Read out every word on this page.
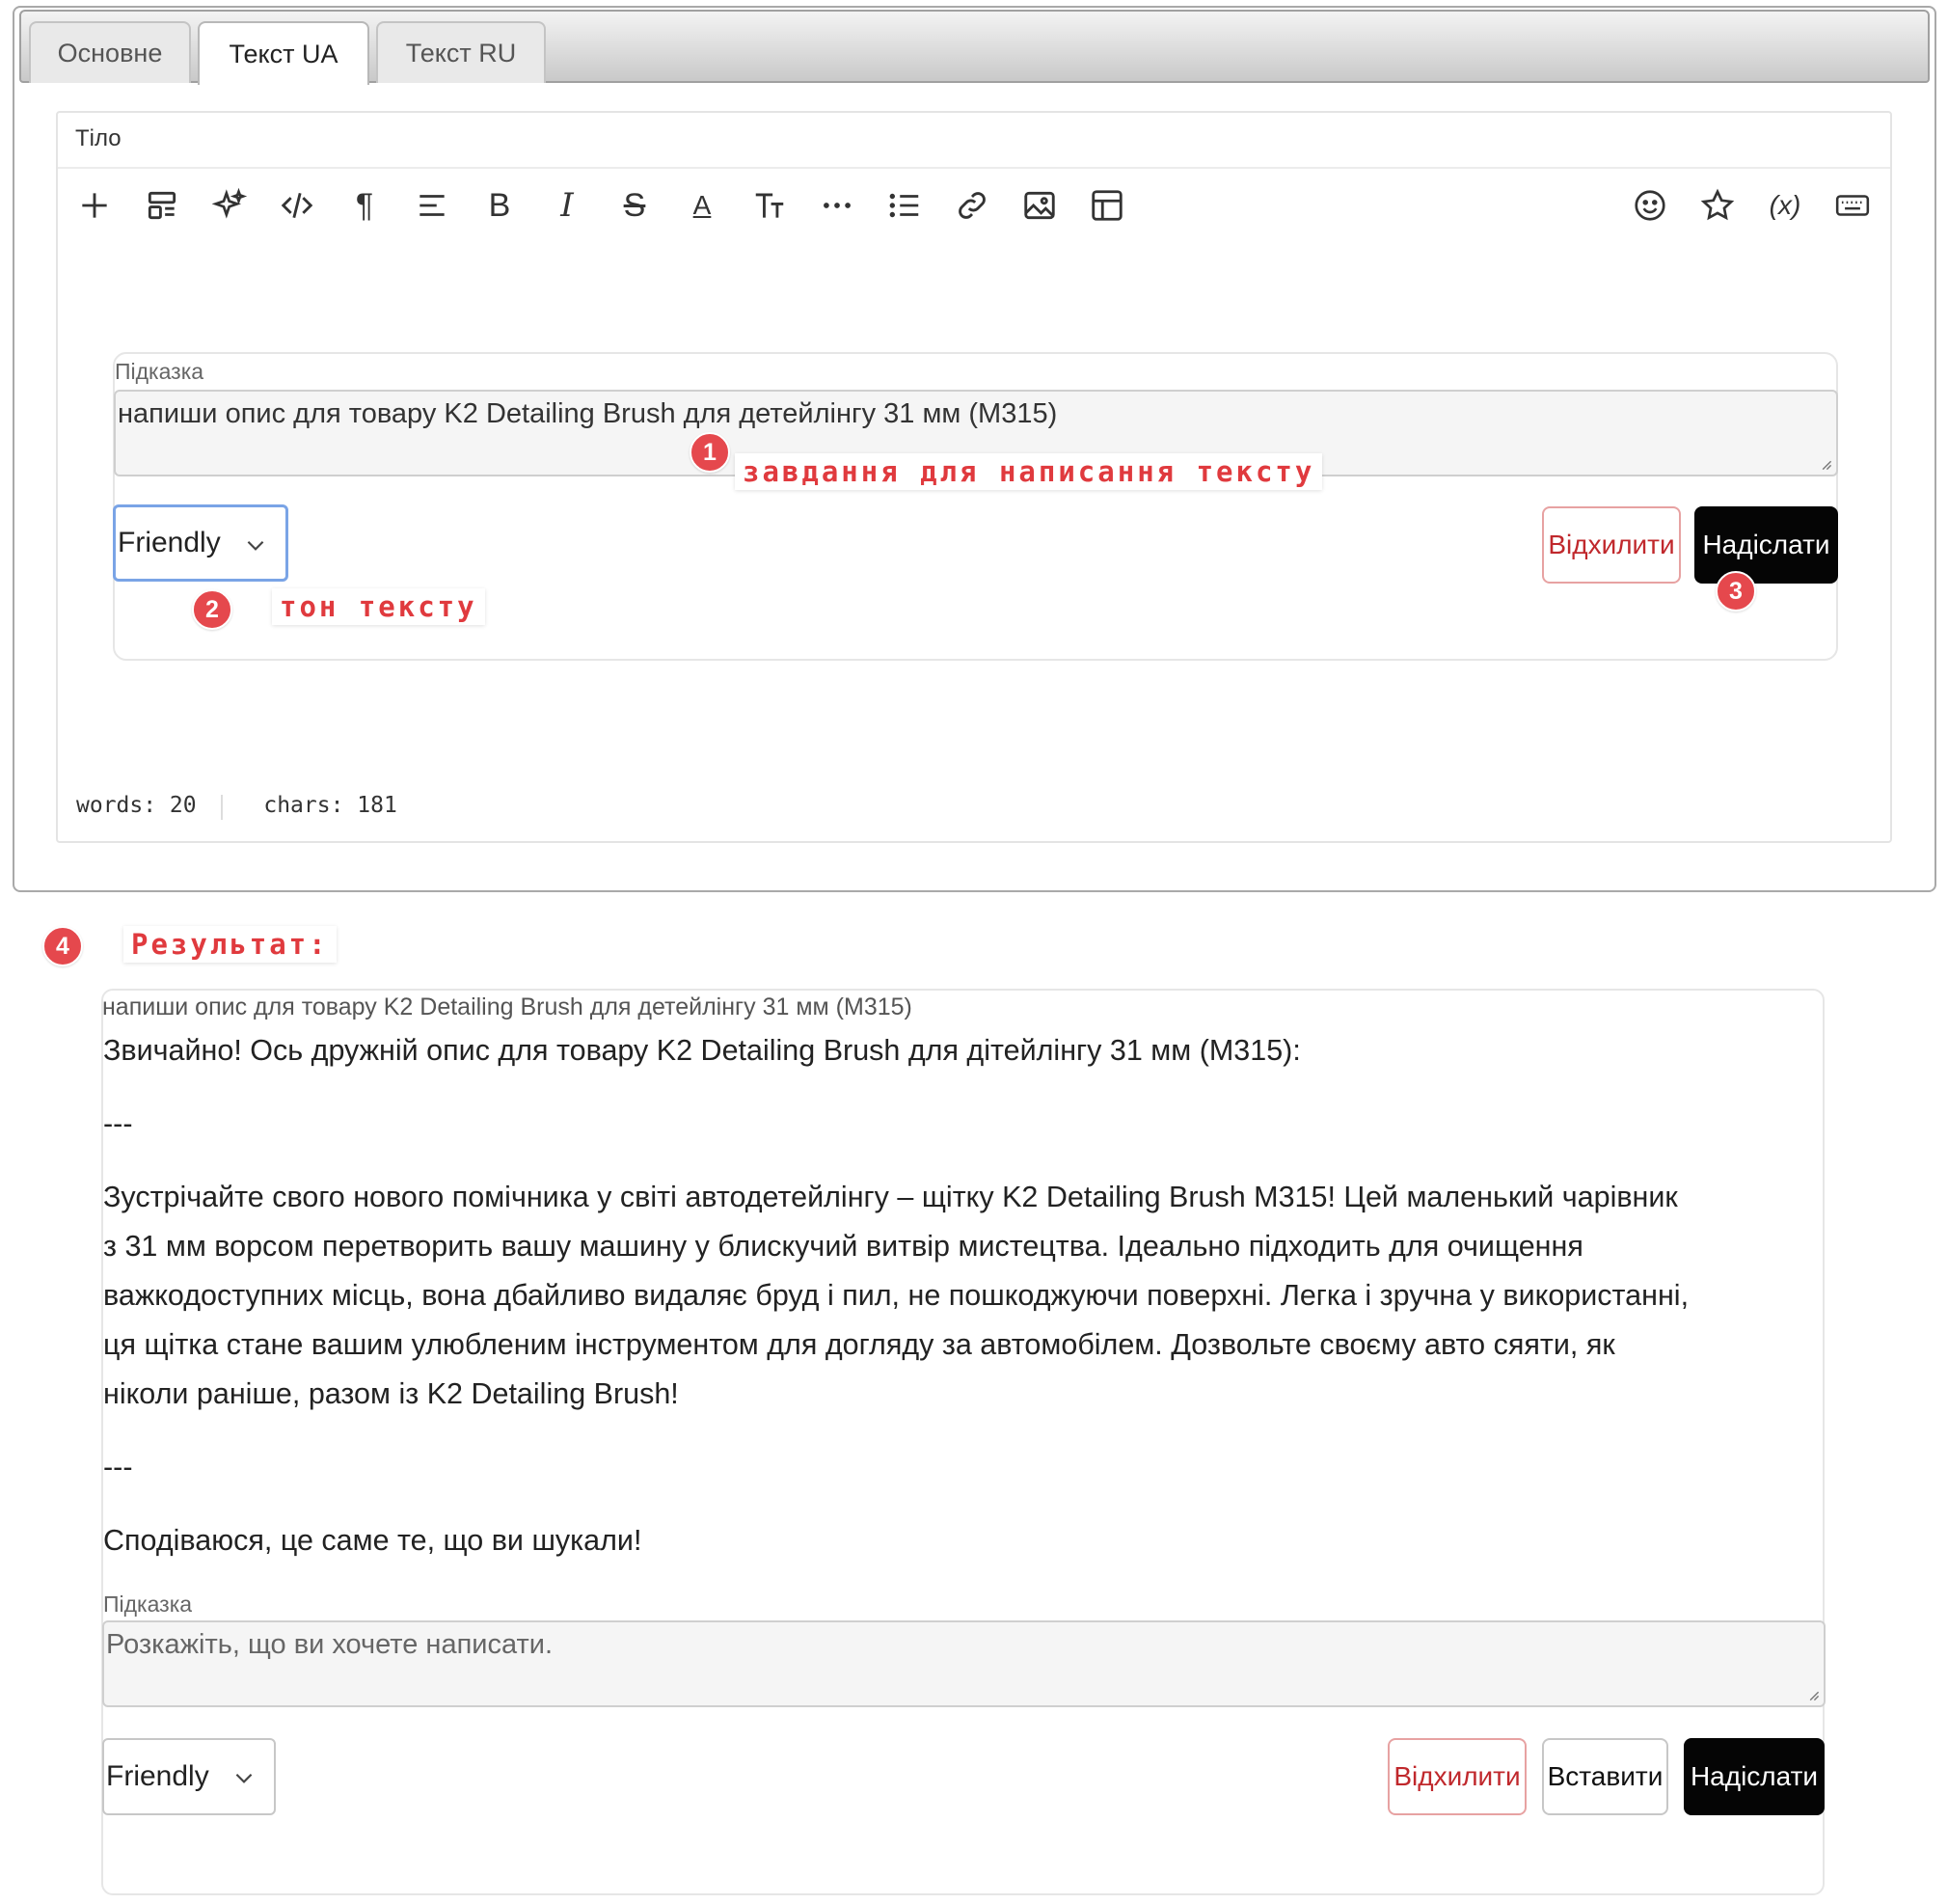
Основне	Текст UA	Текст RU
Тіло
¶	B I S A	(x)
Підказка
напиши опис для товару K2 Detailing Brush для детейлінгу 31 мм (M315)
Friendly	Відхилити	Надіслати
1
завдання для написання тексту
2	тон тексту	3
words: 20	chars: 181
4	Результат:
напиши опис для товару K2 Detailing Brush для детейлінгу 31 мм (M315)
Звичайно! Ось дружній опис для товару K2 Detailing Brush для дітейлінгу 31 мм (M315):
---
Зустрічайте свого нового помічника у світі автодетейлінгу – щітку K2 Detailing Brush M315! Цей маленький чарівник
з 31 мм ворсом перетворить вашу машину у блискучий витвір мистецтва. Ідеально підходить для очищення
важкодоступних місць, вона дбайливо видаляє бруд і пил, не пошкоджуючи поверхні. Легка і зручна у використанні,
ця щітка стане вашим улюбленим інструментом для догляду за автомобілем. Дозвольте своєму авто сяяти, як
ніколи раніше, разом із K2 Detailing Brush!
---
Сподіваюся, це саме те, що ви шукали!
Підказка
Розкажіть, що ви хочете написати.
Friendly	Відхилити Вставити Надіслати
